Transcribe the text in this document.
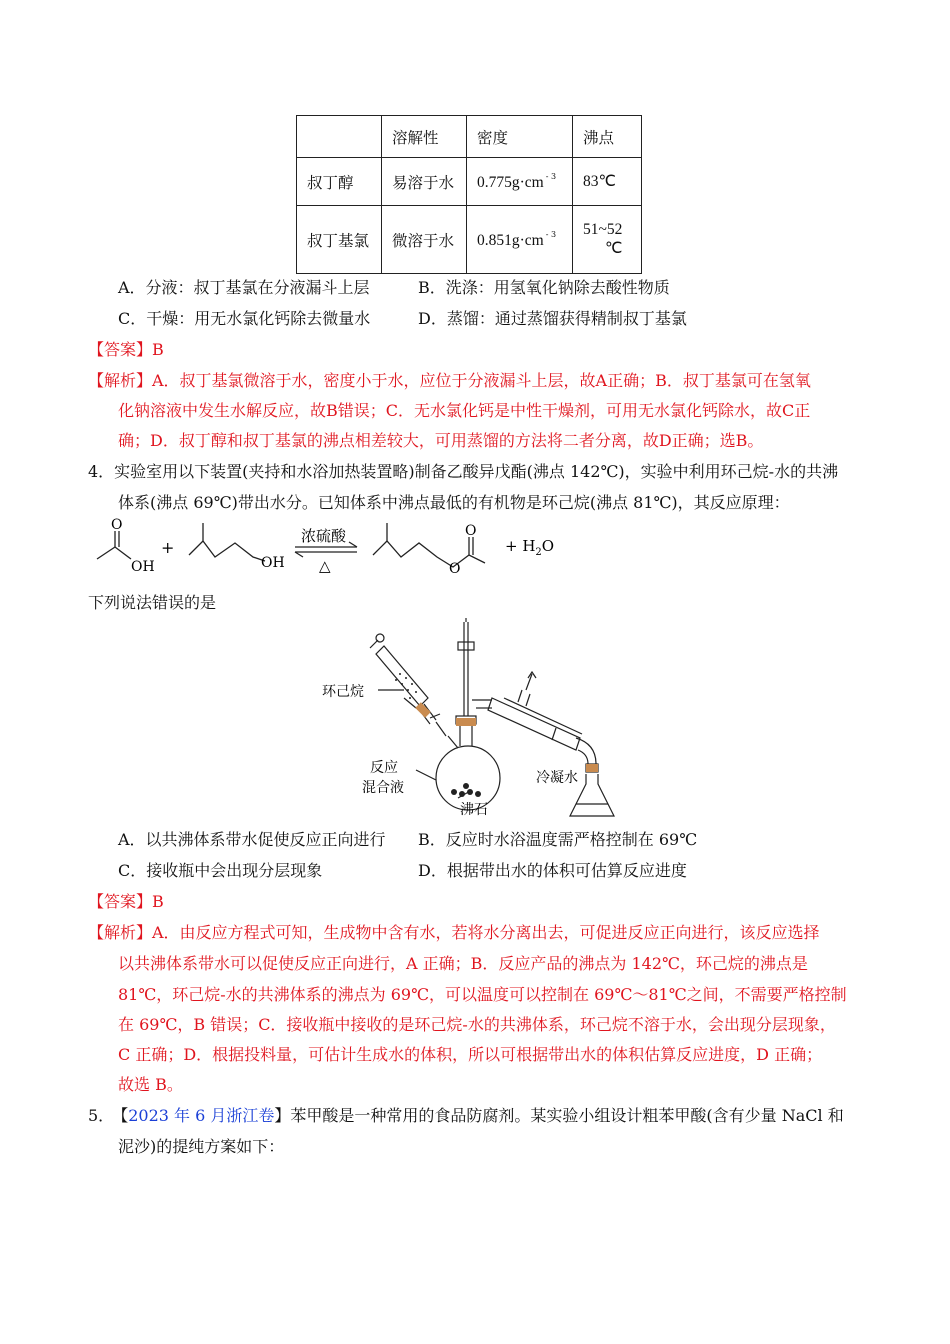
	溶解性	密度	沸点
叔丁醇	易溶于水	0.775g·cm $^{- 3}$	83℃
叔丁基氯	微溶于水	0.851g·cm $^{- 3}$	51~52
℃
A．分液：叔丁基氯在分液漏斗上层	B．洗涤：用氢氧化钠除去酸性物质
C．干燥：用无水氯化钙除去微量水	D．蒸馏：通过蒸馏获得精制叔丁基氯
【答案】B
【解析】A．叔丁基氯微溶于水，密度小于水，应位于分液漏斗上层，故A正确；B．叔丁基氯可在氢氧
化钠溶液中发生水解反应，故B错误；C．无水氯化钙是中性干燥剂，可用无水氯化钙除水，故C正
确；D．叔丁醇和叔丁基氯的沸点相差较大，可用蒸馏的方法将二者分离，故D正确；选B。
4．实验室用以下装置(夹持和水浴加热装置略)制备乙酸异戊酯(沸点 142℃)，实验中利用环己烷-水的共沸
体系(沸点 69℃)带出水分。已知体系中沸点最低的有机物是环己烷(沸点 81℃)，其反应原理：
O
OH
+
OH
浓硫酸
△
O
O
+ $H_2O$
下列说法错误的是
环己烷
反应
混合液
沸石
冷凝水
A．以共沸体系带水促使反应正向进行 B．反应时水浴温度需严格控制在 69℃
C．接收瓶中会出现分层现象	D．根据带出水的体积可估算反应进度
【答案】B
【解析】A．由反应方程式可知，生成物中含有水，若将水分离出去，可促进反应正向进行，该反应选择
以共沸体系带水可以促使反应正向进行，A 正确；B．反应产品的沸点为 142℃，环己烷的沸点是
81℃，环己烷-水的共沸体系的沸点为 69℃，可以温度可以控制在 69℃～81℃之间，不需要严格控制
在 69℃，B 错误；C．接收瓶中接收的是环己烷-水的共沸体系，环己烷不溶于水，会出现分层现象，
C 正确；D．根据投料量，可估计生成水的体积，所以可根据带出水的体积估算反应进度，D 正确；
故选 B。
5． 【2023 年 6 月浙江卷】苯甲酸是一种常用的食品防腐剂。某实验小组设计粗苯甲酸(含有少量 NaCl 和
泥沙)的提纯方案如下：
